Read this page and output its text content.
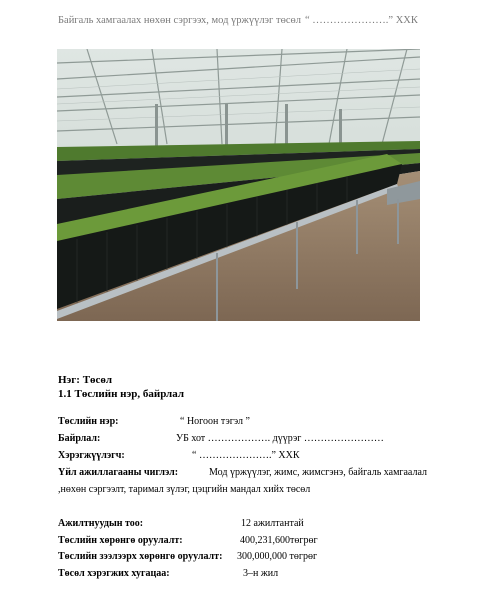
Байгаль хамгаалах нөхөн сэргээх, мод үржүүлэг төсөл “ ………………….” ХХК
Нэг: Төсөл
1.1 Төслийн нэр, байрлал
Төслийн нэр:	“ Ногоон тэгэл ”
Байрлал:	УБ хот ………………. дүүрэг ……………………
Хэрэгжүүлэгч:	“ ………………….” ХХК
Үйл ажиллагааны чиглэл:	Мод үржүүлэг, жимс, жимсгэнэ, байгаль хамгаалал
,нөхөн сэргээлт, таримал зүлэг, цэцгийн мандал хийх төсөл
Ажилтнуудын тоо:	12 ажилтантай
Төслийн хөрөнгө оруулалт:	400,231,600төгрөг
Төслийн зээлээрх хөрөнгө оруулалт: 300,000,000 төгрөг
Төсөл хэрэгжих хугацаа:	3–н жил
